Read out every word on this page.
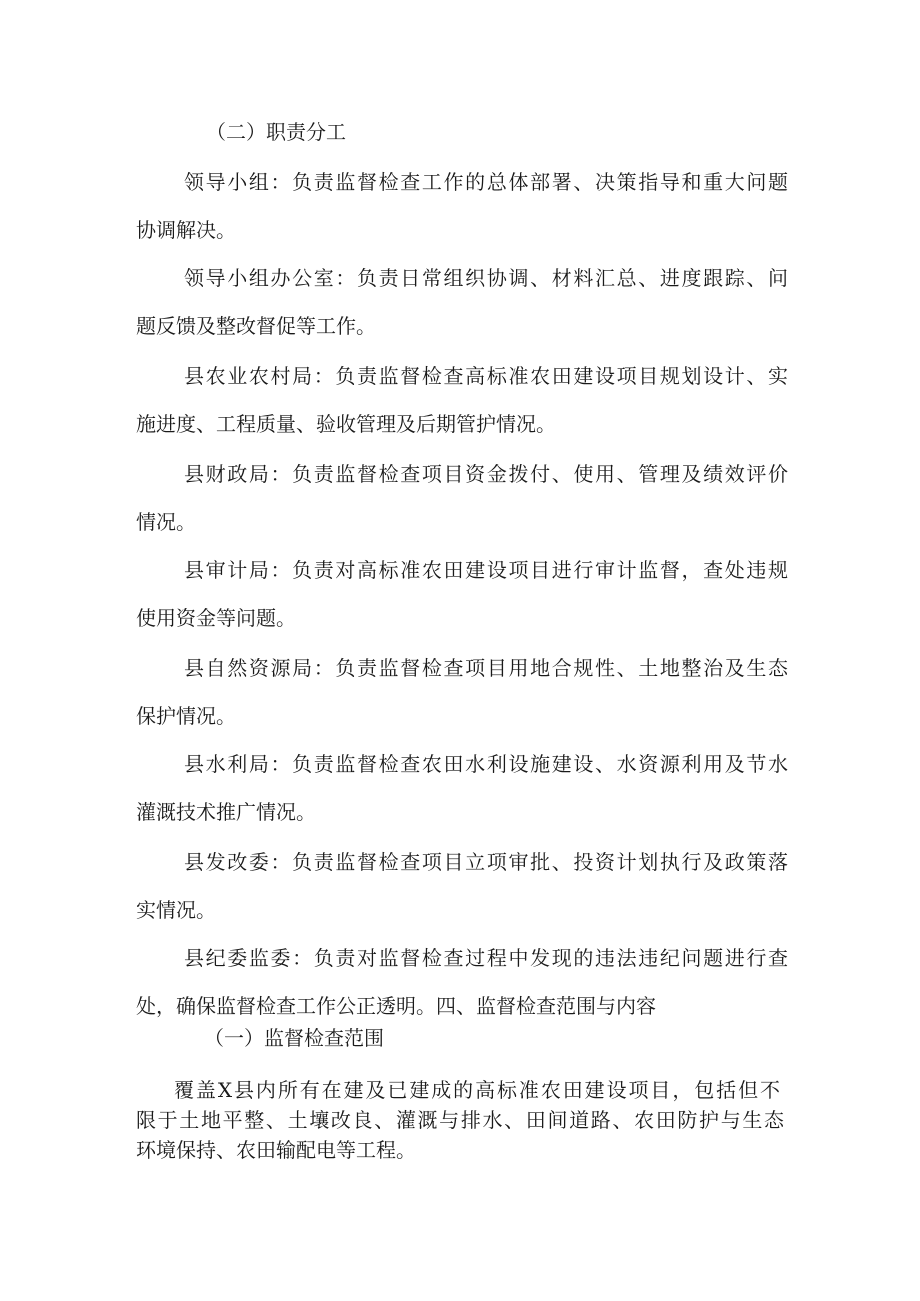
（二）职责分工
领导小组：负责监督检查工作的总体部署、决策指导和重大问题
协调解决。
领导小组办公室：负责日常组织协调、材料汇总、进度跟踪、问
题反馈及整改督促等工作。
县农业农村局：负责监督检查高标准农田建设项目规划设计、实
施进度、工程质量、验收管理及后期管护情况。
县财政局：负责监督检查项目资金拨付、使用、管理及绩效评价
情况。
县审计局：负责对高标准农田建设项目进行审计监督，查处违规
使用资金等问题。
县自然资源局：负责监督检查项目用地合规性、土地整治及生态
保护情况。
县水利局：负责监督检查农田水利设施建设、水资源利用及节水
灌溉技术推广情况。
县发改委：负责监督检查项目立项审批、投资计划执行及政策落
实情况。
县纪委监委：负责对监督检查过程中发现的违法违纪问题进行查
处，确保监督检查工作公正透明。四、监督检查范围与内容
（一）监督检查范围
覆盖X县内所有在建及已建成的高标准农田建设项目，包括但不
限于土地平整、土壤改良、灌溉与排水、田间道路、农田防护与生态
环境保持、农田输配电等工程。
